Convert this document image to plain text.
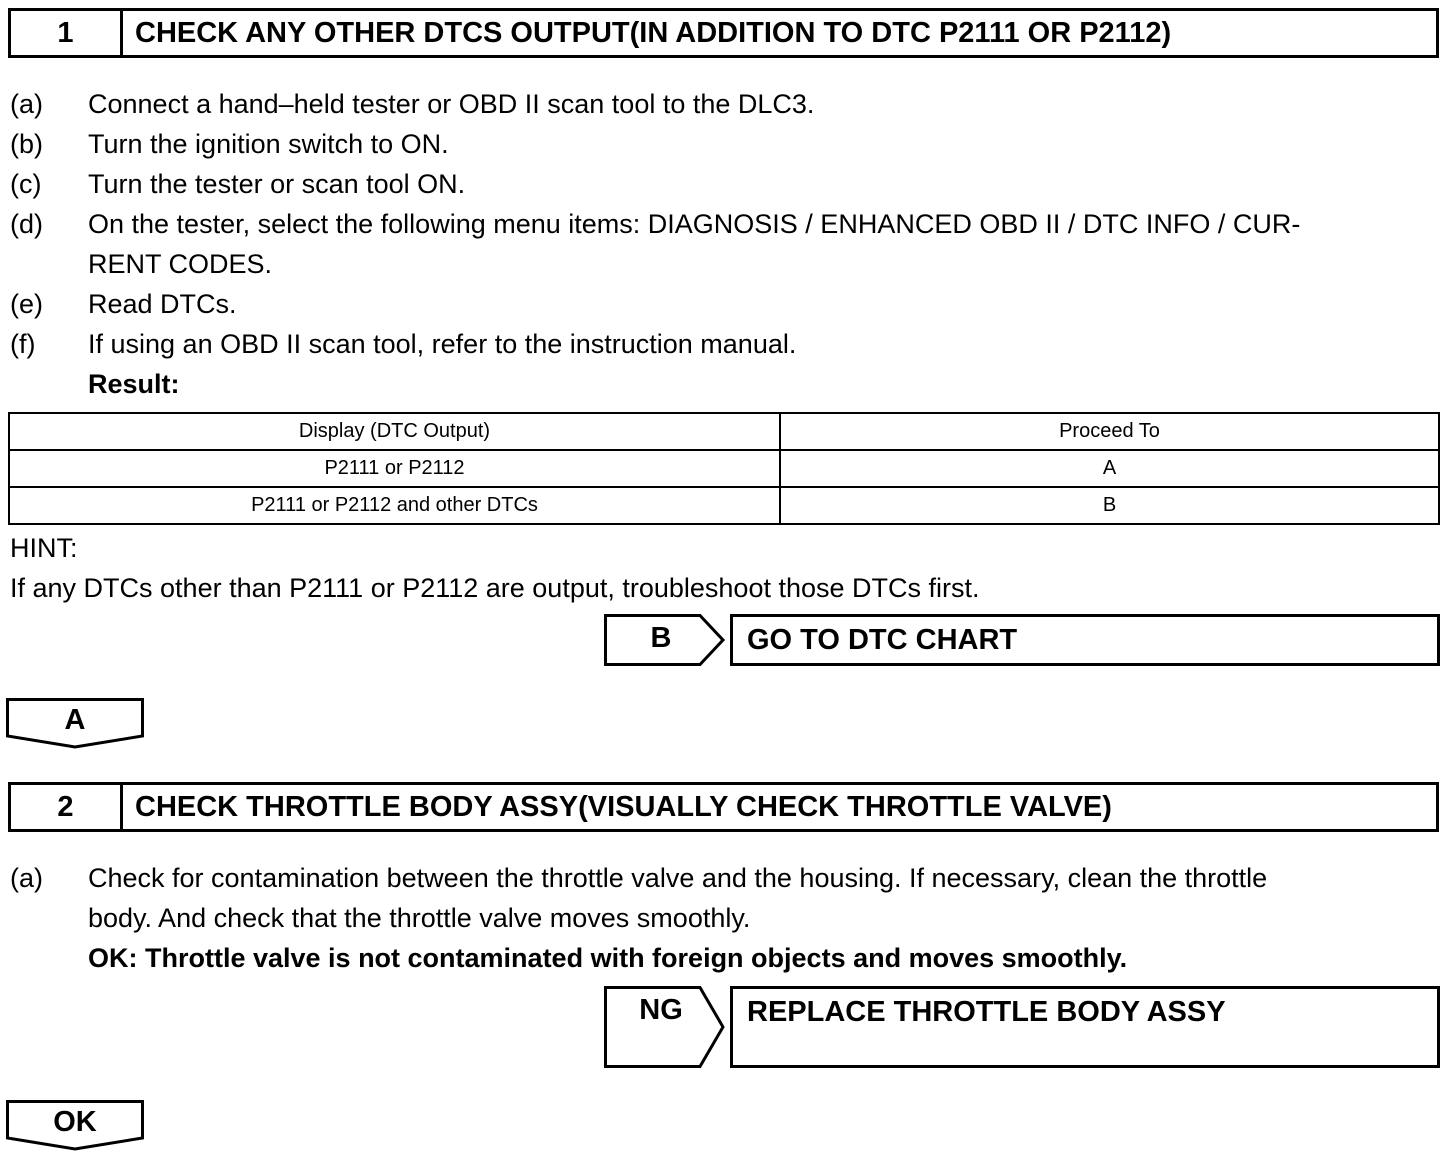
1	CHECK ANY OTHER DTCS OUTPUT(IN ADDITION TO DTC P2111 OR P2112)
(a) Connect a hand–held tester or OBD II scan tool to the DLC3.
(b) Turn the ignition switch to ON.
(c) Turn the tester or scan tool ON.
(d) On the tester, select the following menu items: DIAGNOSIS / ENHANCED OBD II / DTC INFO / CUR-
RENT CODES.
(e) Read DTCs.
(f) If using an OBD II scan tool, refer to the instruction manual.
Result:
Display (DTC Output)	Proceed To
P2111 or P2112	A
P2111 or P2112 and other DTCs	B
HINT:
If any DTCs other than P2111 or P2112 are output, troubleshoot those DTCs first.
B	GO TO DTC CHART
A
2	CHECK THROTTLE BODY ASSY(VISUALLY CHECK THROTTLE VALVE)
(a) Check for contamination between the throttle valve and the housing. If necessary, clean the throttle
body. And check that the throttle valve moves smoothly.
OK: Throttle valve is not contaminated with foreign objects and moves smoothly.
NG	REPLACE THROTTLE BODY ASSY
OK
